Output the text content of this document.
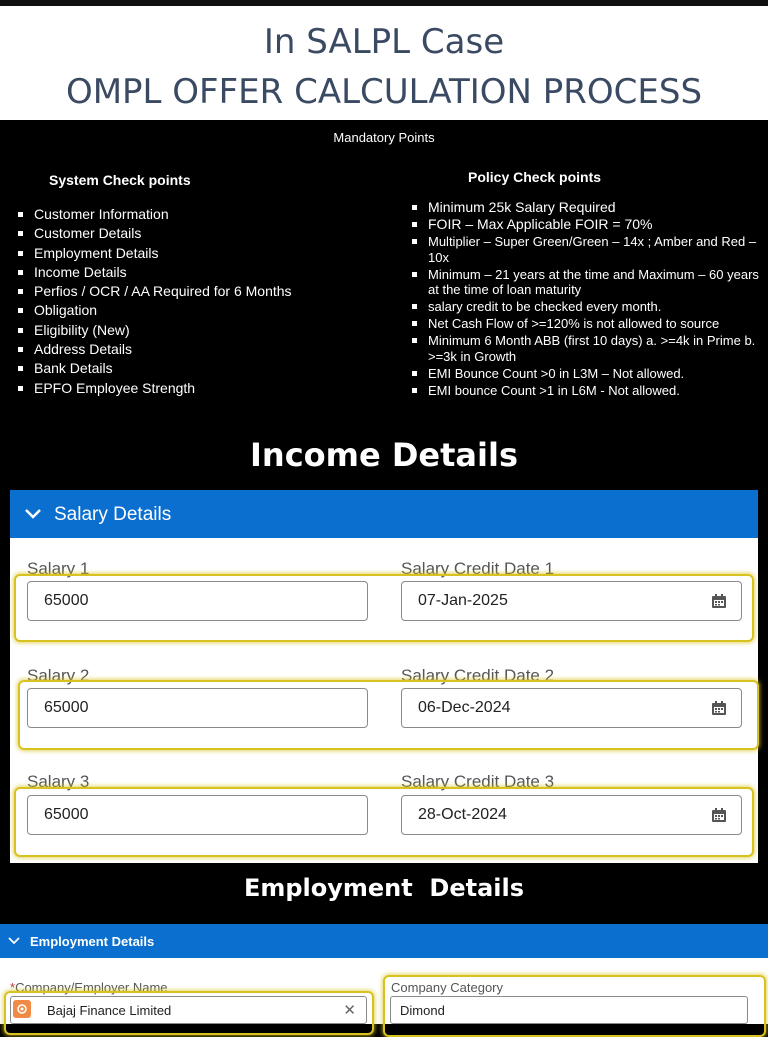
In SALPL Case
OMPL OFFER CALCULATION PROCESS
Mandatory Points
System Check points
Customer Information
Customer Details
Employment Details
Income Details
Perfios / OCR / AA Required for 6 Months
Obligation
Eligibility (New)
Address Details
Bank Details
EPFO Employee Strength
Policy Check points
Minimum 25k Salary Required
FOIR – Max Applicable FOIR = 70%
Multiplier – Super Green/Green – 14x ; Amber and Red – 10x
Minimum – 21 years at the time and Maximum – 60 years at the time of loan maturity
salary credit to be checked every month.
Net Cash Flow of >=120% is not allowed to source
Minimum 6 Month ABB (first 10 days) a. >=4k in Prime b. >=3k in Growth
EMI Bounce Count >0 in L3M – Not allowed.
EMI bounce Count >1 in L6M - Not allowed.
Income Details
Salary Details
Salary 1
65000
Salary Credit Date 1
07-Jan-2025
Salary 2
65000
Salary Credit Date 2
06-Dec-2024
Salary 3
65000
Salary Credit Date 3
28-Oct-2024
Employment  Details
Employment Details
*Company/Employer Name
Bajaj Finance Limited	✕
Company Category
Dimond
